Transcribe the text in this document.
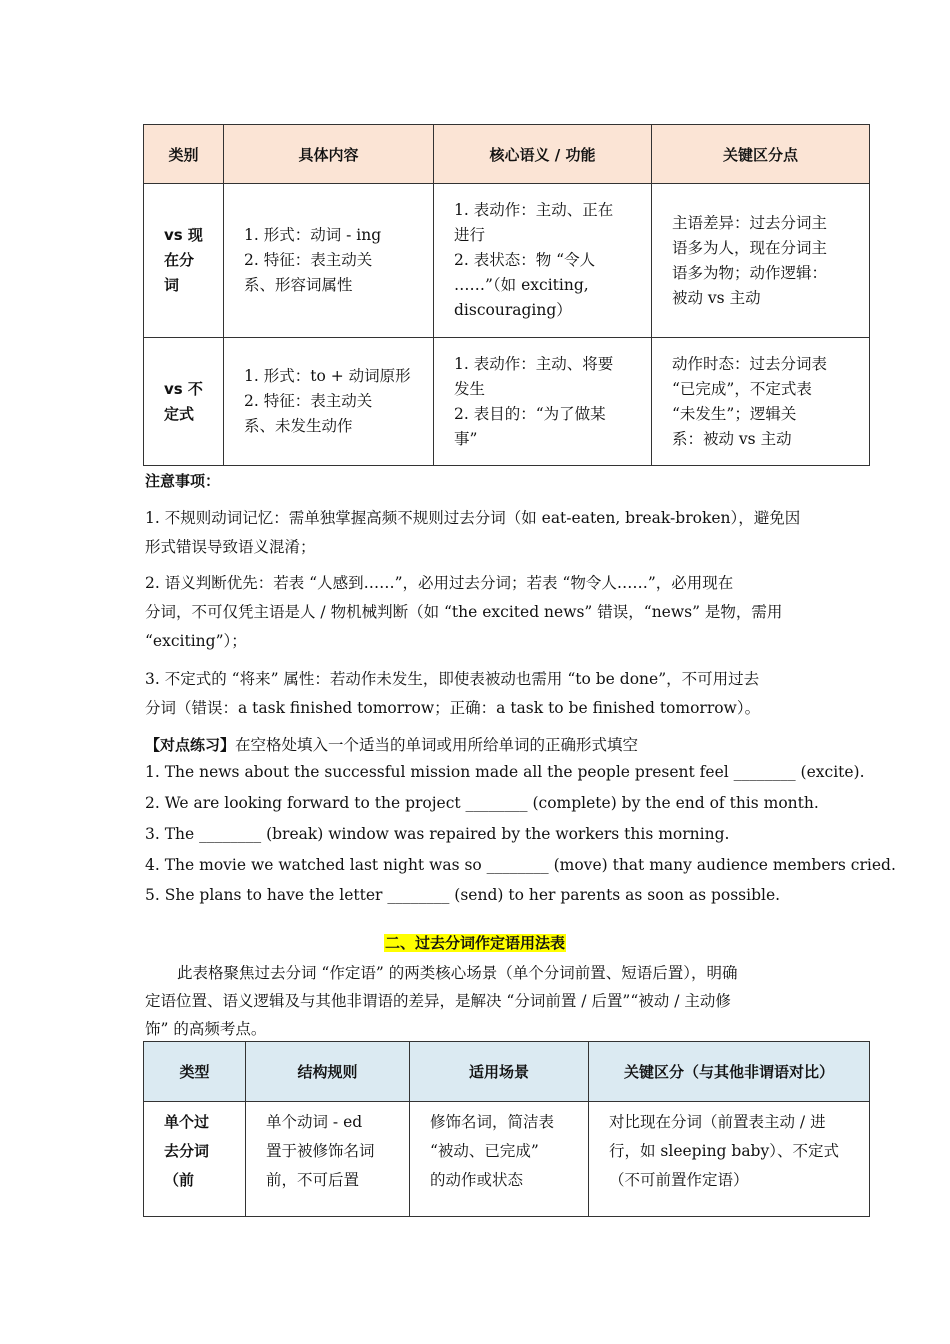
类别	具体内容	核心语义 / 功能	关键区分点

vs 现
在分
词	1. 形式：动词 - ing
2. 特征：表主动关
系、形容词属性	1. 表动作：主动、正在
进行
2. 表状态：物 “令人
……”（如 exciting,
discouraging）	主语差异：过去分词主
语多为人，现在分词主
语多为物；动作逻辑：
被动 vs 主动

vs 不
定式	1. 形式：to + 动词原形
2. 特征：表主动关
系、未发生动作	1. 表动作：主动、将要
发生
2. 表目的：“为了做某
事”	动作时态：过去分词表
“已完成”，不定式表
“未发生”；逻辑关
系：被动 vs 主动
注意事项：
1. 不规则动词记忆：需单独掌握高频不规则过去分词（如 eat-eaten, break-broken），避免因
形式错误导致语义混淆；
2. 语义判断优先：若表 “人感到……”，必用过去分词；若表 “物令人……”，必用现在
分词，不可仅凭主语是人 / 物机械判断（如 “the excited news” 错误，“news” 是物，需用
“exciting”）；
3. 不定式的 “将来” 属性：若动作未发生，即使表被动也需用 “to be done”，不可用过去
分词（错误：a task finished tomorrow；正确：a task to be finished tomorrow）。
【对点练习】在空格处填入一个适当的单词或用所给单词的正确形式填空
1. The news about the successful mission made all the people present feel ________ (excite).
2. We are looking forward to the project ________ (complete) by the end of this month.
3. The ________ (break) window was repaired by the workers this morning.
4. The movie we watched last night was so ________ (move) that many audience members cried.
5. She plans to have the letter ________ (send) to her parents as soon as possible.
二、过去分词作定语用法表
此表格聚焦过去分词 “作定语” 的两类核心场景（单个分词前置、短语后置），明确
定语位置、语义逻辑及与其他非谓语的差异，是解决 “分词前置 / 后置”“被动 / 主动修
饰” 的高频考点。
类型	结构规则	适用场景	关键区分（与其他非谓语对比）

单个过
去分词
（前	单个动词 - ed
置于被修饰名词
前，不可后置	修饰名词，简洁表
“被动、已完成”
的动作或状态	对比现在分词（前置表主动 / 进
行，如 sleeping baby）、不定式
（不可前置作定语）
